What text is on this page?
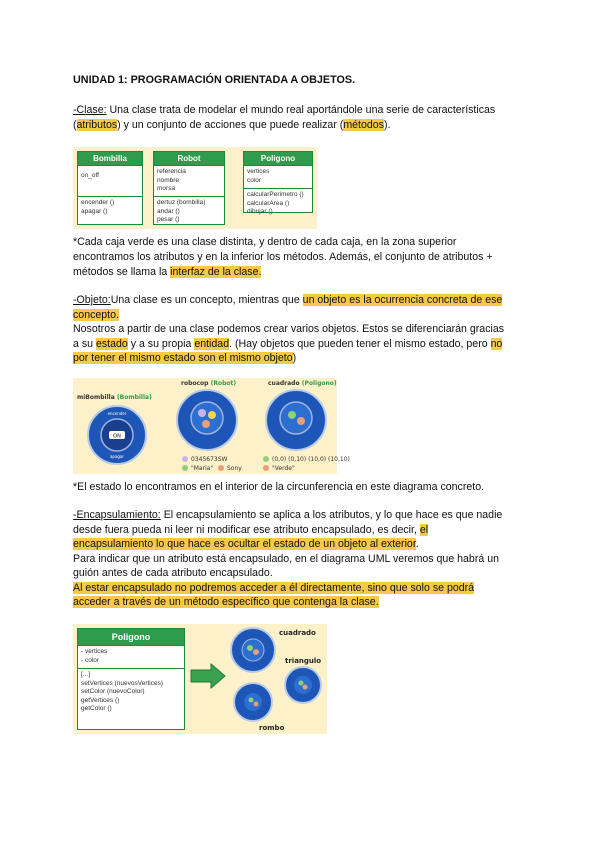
UNIDAD 1: PROGRAMACIÓN ORIENTADA A OBJETOS.
-Clase: Una clase trata de modelar el mundo real aportándole una serie de características
(atributos) y un conjunto de acciones que puede realizar (métodos).
Bombilla
on_off
encender ()
apagar ()
Robot
referencia
nombre
morsa
dertuz (bombilla)
andar ()
pesar ()
Poligono
vertices
color
calcularPerimetro ()
calcularArea ()
dibujar ()
*Cada caja verde es una clase distinta, y dentro de cada caja, en la zona superior
encontramos los atributos y en la inferior los métodos. Además, el conjunto de atributos +
métodos se llama la interfaz de la clase.
-Objeto:Una clase es un concepto, mientras que un objeto es la ocurrencia concreta de ese
concepto.
Nosotros a partir de una clase podemos crear varios objetos. Estos se diferenciarán gracias
a su estado y a su propia entidad. (Hay objetos que pueden tener el mismo estado, pero no
por tener el mismo estado son el mismo objeto)
miBombilla (Bombilla)
ON
encender
apagar
robocop (Robot)
0345673SW
"Maria" Sony
cuadrado (Poligono)
(0,0) (0,10) (10,0) (10,10)
"Verde"
*El estado lo encontramos en el interior de la circunferencia en este diagrama concreto.
-Encapsulamiento: El encapsulamiento se aplica a los atributos, y lo que hace es que nadie
desde fuera pueda ni leer ni modificar ese atributo encapsulado, es decir, el
encapsulamiento lo que hace es ocultar el estado de un objeto al exterior.
Para indicar que un atributo está encapsulado, en el diagrama UML veremos que habrá un
guión antes de cada atributo encapsulado.
Al estar encapsulado no podremos acceder a él directamente, sino que solo se podrá
acceder a través de un método específico que contenga la clase.
Poligono
- vertices
- color
[...]
setVertices (nuevosVertices)
setColor (nuevoColor)
getVertices ()
getColor ()
cuadrado
triangulo
rombo
